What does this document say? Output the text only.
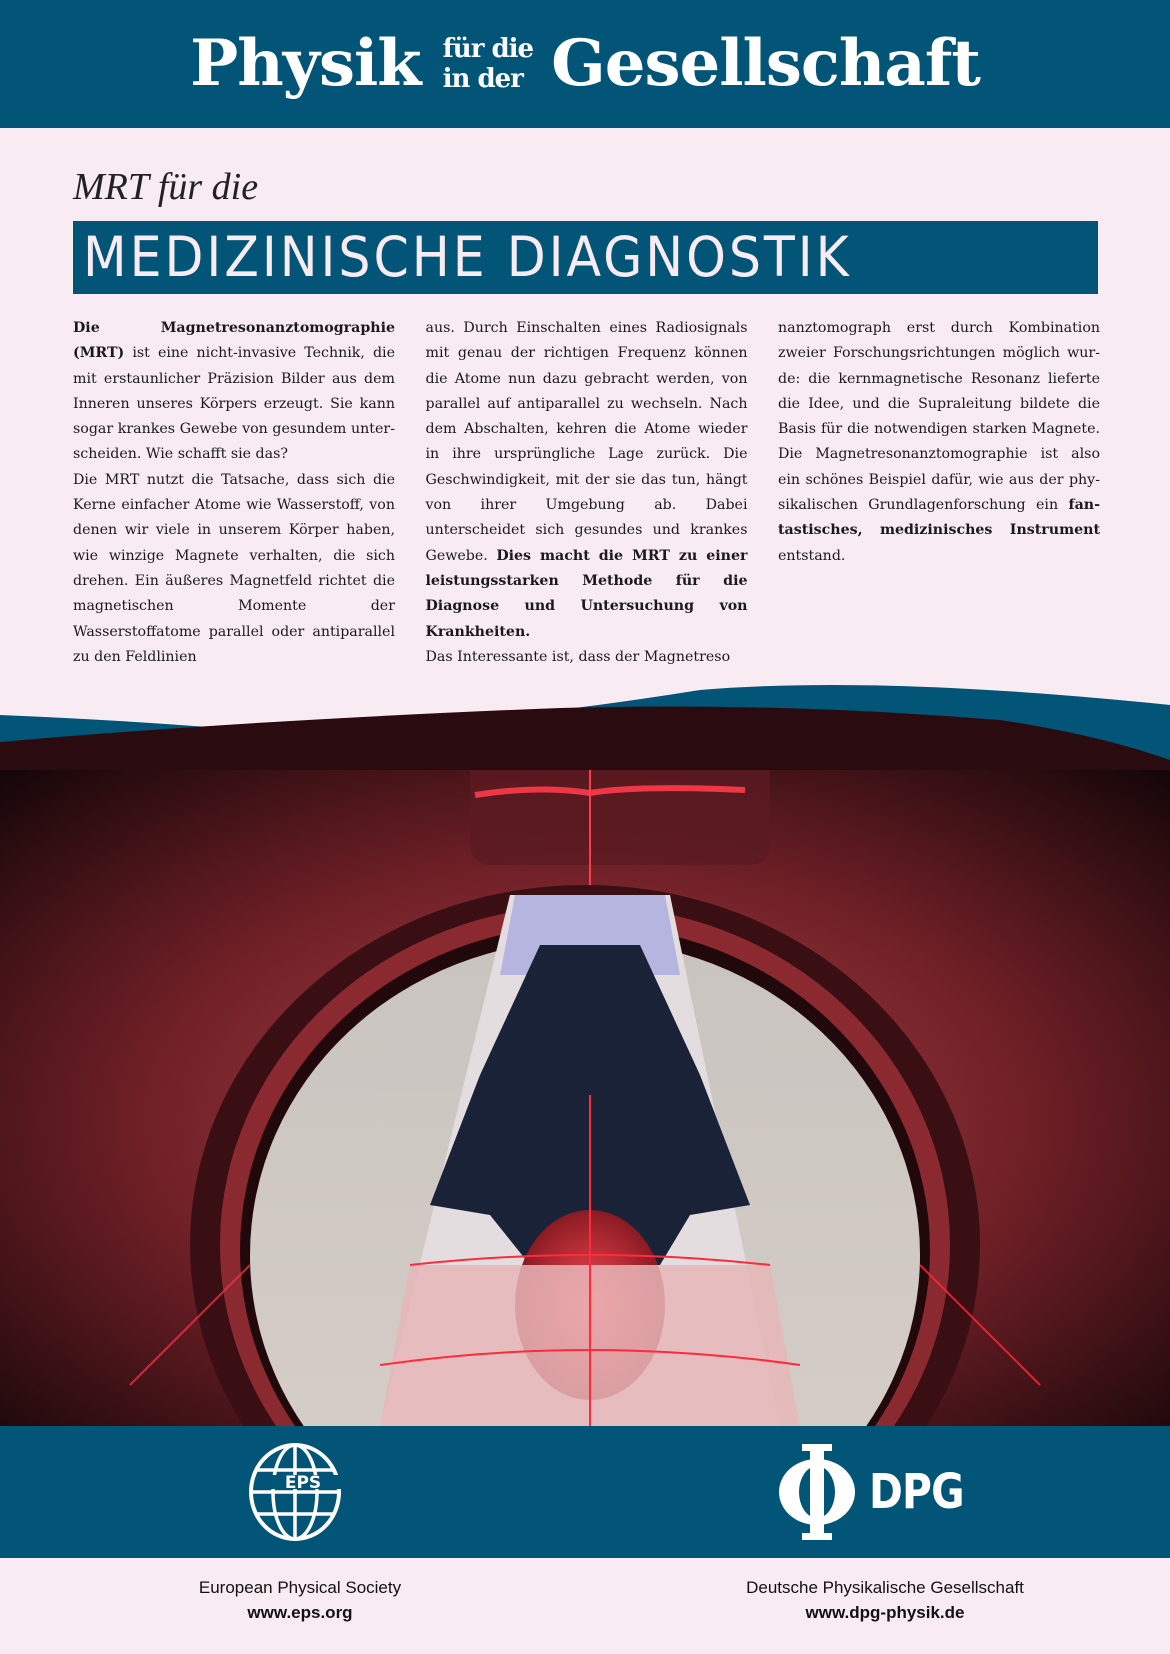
Physik für die
in der Gesellschaft
MRT für die
MEDIZINISCHE DIAGNOSTIK

Die Magnetresonanztomographie (MRT) ist eine nicht-invasive Technik, die mit erstaunlicher Präzision Bilder aus dem Inneren unseres Körpers erzeugt. Sie kann sogar krankes Gewebe von gesundem unterscheiden. Wie schafft sie das?

Die MRT nutzt die Tatsache, dass sich die Kerne einfacher Atome wie Wasserstoff, von denen wir viele in unserem Körper haben, wie winzige Magnete verhalten, die sich drehen. Ein äußeres Magnetfeld richtet die magnetischen Momente der Wasserstoffatome parallel oder antiparallel zu den Feldlinien

aus. Durch Einschalten eines Radiosignals mit genau der richtigen Frequenz können die Atome nun dazu gebracht werden, von parallel auf antiparallel zu wechseln. Nach dem Abschalten, kehren die Atome wieder in ihre ursprüngliche Lage zurück. Die Geschwindigkeit, mit der sie das tun, hängt von ihrer Umgebung ab. Dabei unterscheidet sich gesundes und krankes Gewebe. Dies macht die MRT zu einer leistungsstarken Methode für die Diagnose und Untersuchung von Krankheiten.

Das Interessante ist, dass der Magnetreso

nanztomograph erst durch Kombination zweier Forschungsrichtungen möglich wurde: die kernmagnetische Resonanz lieferte die Idee, und die Supraleitung bildete die Basis für die notwendigen starken Magnete. Die Magnetresonanztomographie ist also ein schönes Beispiel dafür, wie aus der physikalischen Grundlagenforschung ein fantastisches, medizinisches Instrument entstand.

EPS	DPG
European Physical Society
www.eps.org
Deutsche Physikalische Gesellschaft
www.dpg-physik.de
